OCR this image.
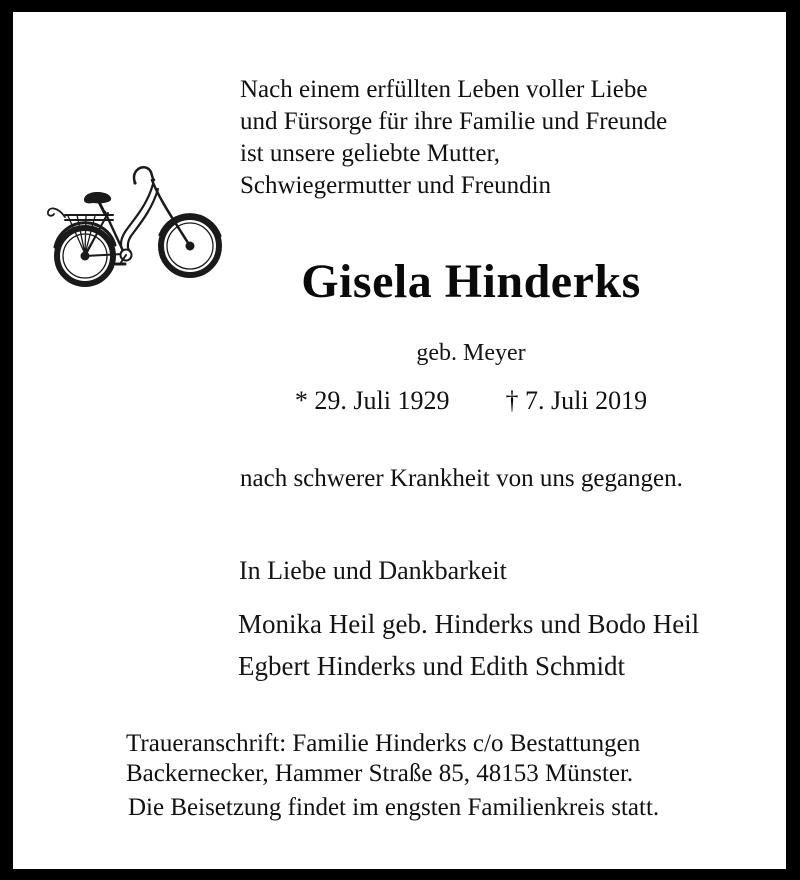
Nach einem erfüllten Leben voller Liebe
und Fürsorge für ihre Familie und Freunde
ist unsere geliebte Mutter,
Schwiegermutter und Freundin
Gisela Hinderks
geb. Meyer
* 29. Juli 1929 † 7. Juli 2019
nach schwerer Krankheit von uns gegangen.
In Liebe und Dankbarkeit
Monika Heil geb. Hinderks und Bodo Heil
Egbert Hinderks und Edith Schmidt
Traueranschrift: Familie Hinderks c/o Bestattungen
Backernecker, Hammer Straße 85, 48153 Münster.
Die Beisetzung findet im engsten Familienkreis statt.
